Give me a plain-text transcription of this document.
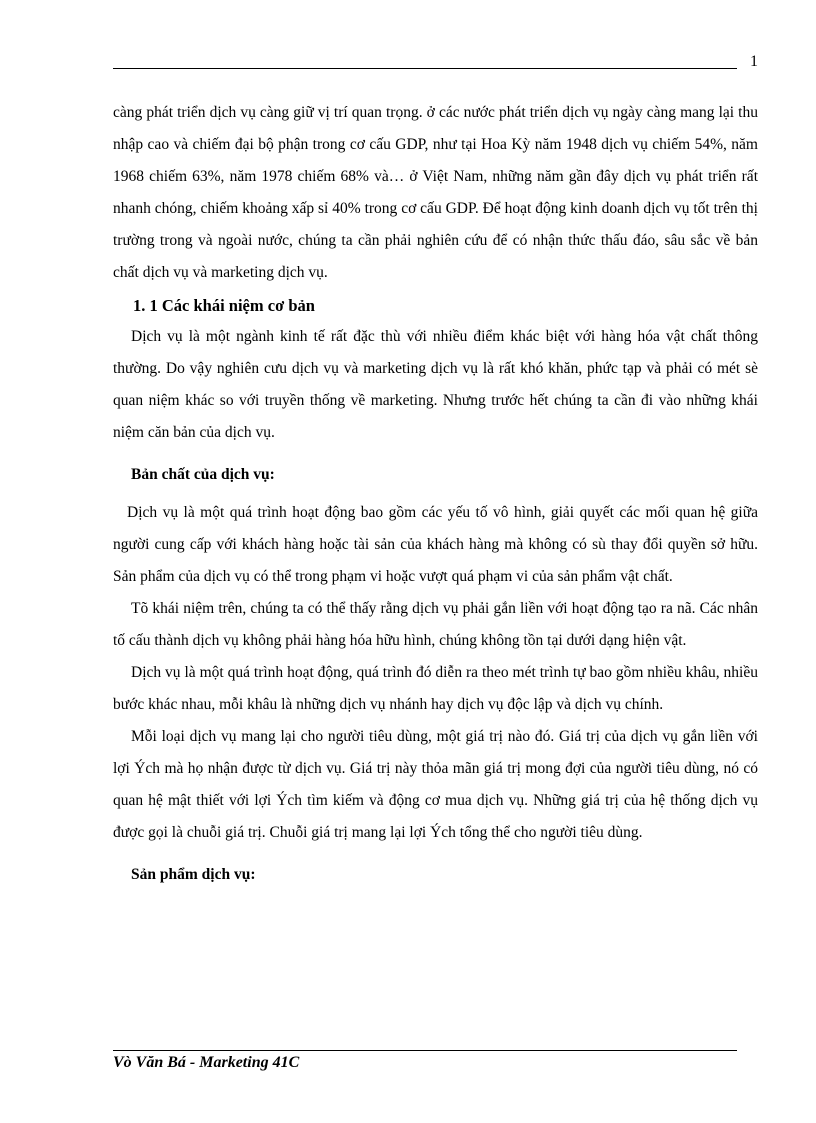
1

càng phát triển dịch vụ càng giữ vị trí quan trọng. ở các nước phát triển dịch vụ ngày càng mang lại thu nhập cao và chiếm đại bộ phận trong cơ cấu GDP, như tại Hoa Kỳ năm 1948 dịch vụ chiếm 54%, năm 1968 chiếm 63%, năm 1978 chiếm 68% và… ở Việt Nam, những năm gần đây dịch vụ phát triển rất nhanh chóng, chiếm khoảng xấp sỉ 40% trong cơ cấu GDP. Để hoạt động kinh doanh dịch vụ tốt trên thị trường trong và ngoài nước, chúng ta cần phải nghiên cứu để có nhận thức thấu đáo, sâu sắc về bản chất dịch vụ và marketing dịch vụ.

1. 1 Các khái niệm cơ bản

Dịch vụ là một ngành kinh tế rất đặc thù với nhiều điểm khác biệt với hàng hóa vật chất thông thường. Do vậy nghiên cưu dịch vụ và marketing dịch vụ là rất khó khăn, phức tạp và phải có mét sè quan niệm khác so với truyền thống về marketing. Nhưng trước hết chúng ta cần đi vào những khái niệm căn bản của dịch vụ.

Bản chất của dịch vụ:

Dịch vụ là một quá trình hoạt động bao gồm các yếu tố vô hình, giải quyết các mối quan hệ giữa người cung cấp với khách hàng hoặc tài sản của khách hàng mà không có sù thay đổi quyền sở hữu. Sản phẩm của dịch vụ có thể trong phạm vi hoặc vượt quá phạm vi của sản phẩm vật chất.

Tõ khái niệm trên, chúng ta có thể thấy rằng dịch vụ phải gắn liền với hoạt động tạo ra nã. Các nhân tố cấu thành dịch vụ không phải hàng hóa hữu hình, chúng không tồn tại dưới dạng hiện vật.

Dịch vụ là một quá trình hoạt động, quá trình đó diễn ra theo mét trình tự bao gồm nhiều khâu, nhiều bước khác nhau, mỗi khâu là những dịch vụ nhánh hay dịch vụ độc lập và dịch vụ chính.

Mỗi loại dịch vụ mang lại cho người tiêu dùng, một giá trị nào đó. Giá trị của dịch vụ gắn liền với lợi Ých mà họ nhận được từ dịch vụ. Giá trị này thỏa mãn giá trị mong đợi của người tiêu dùng, nó có quan hệ mật thiết với lợi Ých tìm kiếm và động cơ mua dịch vụ. Những giá trị của hệ thống dịch vụ được gọi là chuỗi giá trị. Chuỗi giá trị mang lại lợi Ých tổng thể cho người tiêu dùng.

Sản phẩm dịch vụ:

Vò Văn Bá - Marketing 41C
